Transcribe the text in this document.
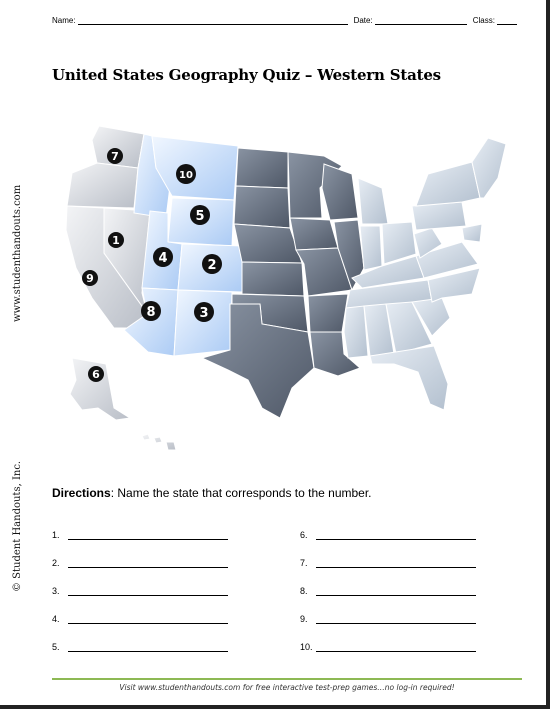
Name:	Date:	Class:
www.studenthandouts.com
© Student Handouts, Inc.
United States Geography Quiz – Western States
1
2
3
4
5
6
7
8
9
10
Directions: Name the state that corresponds to the number.
1.
2.
3.
4.
5.
6.
7.
8.
9.
10.
Visit www.studenthandouts.com for free interactive test-prep games…no log-in required!
